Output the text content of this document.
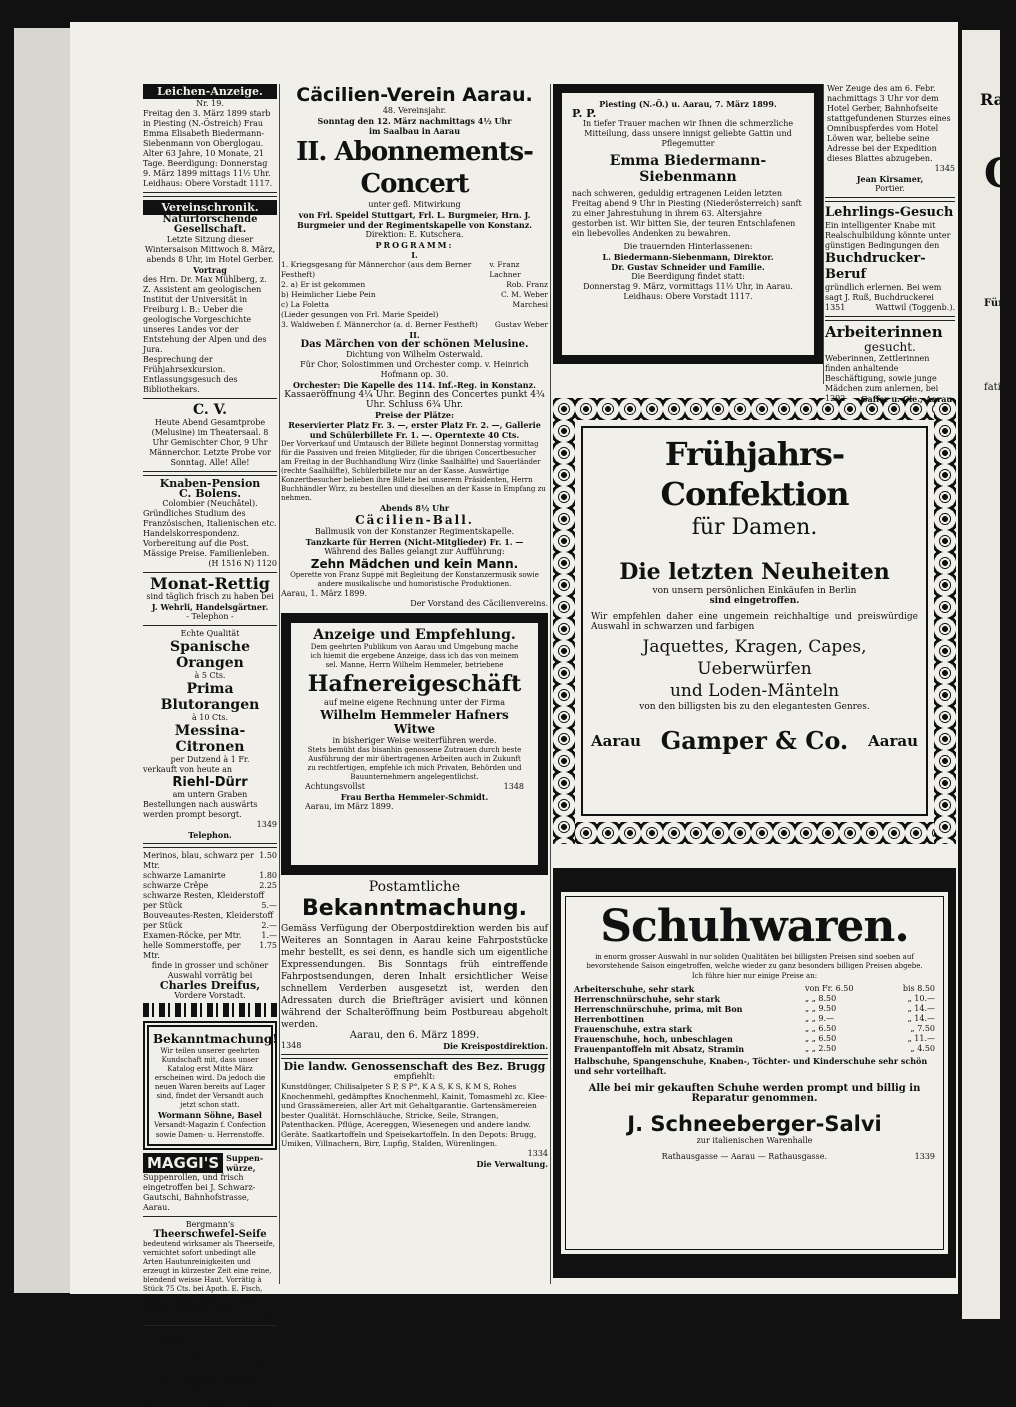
Leichen-Anzeige.
Nr. 19.
Freitag den 3. März 1899 starb in Piesting (N.-Östreich) Frau Emma Elisabeth Biedermann-Siebenmann von Oberglogau. Alter 63 Jahre, 10 Monate, 21 Tage. Beerdigung: Donnerstag 9. März 1899 mittags 11½ Uhr. Leidhaus: Obere Vorstadt 1117.
Vereinschronik.
Naturforschende Gesellschaft.
Letzte Sitzung dieser Wintersaison Mittwoch 8. März, abends 8 Uhr, im Hotel Gerber.
Vortrag
des Hrn. Dr. Max Mühlberg, z. Z. Assistent am geologischen Institut der Universität in Freiburg i. B.: Ueber die geologische Vorgeschichte unseres Landes vor der Entstehung der Alpen und des Jura.
Besprechung der Frühjahrsexkursion. Entlassungsgesuch des Bibliothekars.
C. V.
Heute Abend Gesamtprobe (Melusine) im Theatersaal. 8 Uhr Gemischter Chor, 9 Uhr Männerchor. Letzte Probe vor Sonntag. Alle! Alle!
Knaben-Pension
C. Bolens.
Colombier (Neuchâtel).
Gründliches Studium des Französischen, Italienischen etc. Handelskorrespondenz. Vorbereitung auf die Post. Mässige Preise. Familienleben.
(H 1516 N) 1120
Monat-Rettig
sind täglich frisch zu haben bei
J. Wehrli, Handelsgärtner.
- Telephon -
Echte Qualität
Spanische Orangen
à 5 Cts.
Prima Blutorangen
à 10 Cts.
Messina-Citronen
per Dutzend à 1 Fr.
verkauft von heute an
Riehl-Dürr
am untern Graben
Bestellungen nach auswärts werden prompt besorgt.
1349
Telephon.
Merinos, blau, schwarz per Mtr.
1.50
schwarze Lamanirte	1.80
schwarze Crêpe	2.25
schwarze Resten, Kleiderstoff
per Stück	5.—
Bouveautes-Resten, Kleiderstoff
per Stück	2.—
Examen-Röcke, per Mtr. 1.—
helle Sommerstoffe, per Mtr.
1.75
finde in grosser und schöner Auswahl vorrätig bei
Charles Dreifus,
Vordere Vorstadt.
Bekanntmachung!
Wir teilen unserer geehrten Kundschaft mit, dass unser Katalog erst Mitte März erscheinen wird. Da jedoch die neuen Waren bereits auf Lager sind, findet der Versandt auch jetzt schon statt.
Wormann Söhne, Basel
Versandt-Magazin f. Confection sowie Damen- u. Herrenstoffe.
MAGGI'S Suppen-würze,
Suppenrollen, und frisch eingetroffen bei J. Schwarz-Gautschi, Bahnhofstrasse, Aarau.
Bergmann's
Theerschwefel-Seife
bedeutend wirksamer als Theerseife, vernichtet sofort unbedingt alle Arten Hautunreinigkeiten und erzeugt in kürzester Zeit eine reine, blendend weisse Haut. Vorrätig à Stück 75 Cts. bei Apoth. E. Fisch, Apoth. R. Jung, Apoth. C. Fleisch, Apoth. J. Weibezahl, Aarau.
1332
Wagenschmiere
Patentachsenfett
Patentachsenöl
in vorzüglicher Qualität empfiehlt
994	C. Richner, Seiler.
Cäcilien-Verein Aarau.
48. Vereinsjahr.
Sonntag den 12. März nachmittags 4½ Uhr
im Saalbau in Aarau
II. Abonnements-Concert
unter gefl. Mitwirkung
von Frl. Speidel Stuttgart, Frl. L. Burgmeier, Hrn. J. Burgmeier und der Regimentskapelle von Konstanz.
Direktion: E. Kutschera.
PROGRAMM:
I.
1. Kriegsgesang für Männerchor (aus dem Berner Festheft)
v. Franz Lachner
2. a) Er ist gekommen	Rob. Franz
b) Heimlicher Liebe Pein	C. M. Weber
c) La Foletta	Marchesi
(Lieder gesungen von Frl. Marie Speidel)
3. Waldweben f. Männerchor (a. d. Berner Festheft) Gustav Weber
II.
Das Märchen von der schönen Melusine.
Dichtung von Wilhelm Osterwald.
Für Chor, Solostimmen und Orchester comp. v. Heinrich Hofmann op. 30.
Orchester: Die Kapelle des 114. Inf.-Reg. in Konstanz.
Kassaeröffnung 4¼ Uhr. Beginn des Concertes punkt 4¾ Uhr. Schluss 6¾ Uhr.
Preise der Plätze:
Reservierter Platz Fr. 3. —, erster Platz Fr. 2. —, Gallerie und Schülerbillete Fr. 1. —. Operntexte 40 Cts.
Der Vorverkauf und Umtausch der Billete beginnt Donnerstag vormittag für die Passiven und freien Mitglieder, für die übrigen Concertbesucher am Freitag in der Buchhandlung Wirz (linke Saalhälfte) und Sauerländer (rechte Saalhälfte), Schülerbillete nur an der Kasse. Auswärtige Konzertbesucher belieben ihre Billete bei unserem Präsidenten, Herrn Buchhändler Wirz, zu bestellen und dieselben an der Kasse in Empfang zu nehmen.
Abends 8½ Uhr
Cäcilien-Ball.
Ballmusik von der Konstanzer Regimentskapelle.
Tanzkarte für Herren (Nicht-Mitglieder) Fr. 1. —
Während des Balles gelangt zur Aufführung:
Zehn Mädchen und kein Mann.
Operette von Franz Suppé mit Begleitung der Konstanzermusik sowie andere musikalische und humoristische Produktionen.
Aarau, 1. März 1899.
Der Vorstand des Cäcilienvereins.
Anzeige und Empfehlung.
Dem geehrten Publikum von Aarau und Umgebung mache ich hiemit die ergebene Anzeige, dass ich das von meinem sel. Manne, Herrn Wilhelm Hemmeler, betriebene
Hafnereigeschäft
auf meine eigene Rechnung unter der Firma
Wilhelm Hemmeler Hafners Witwe
in bisheriger Weise weiterführen werde.
Stets bemüht das bisanhin genossene Zutrauen durch beste Ausführung der mir übertragenen Arbeiten auch in Zukunft zu rechtfertigen, empfehle ich mich Privaten, Behörden und Bauunternehmern angelegentlichst.
Achtungsvollst	1348
Frau Bertha Hemmeler-Schmidt.
Aarau, im März 1899.
Postamtliche
Bekanntmachung.
Gemäss Verfügung der Oberpostdirektion werden bis auf Weiteres an Sonntagen in Aarau keine Fahrpoststücke mehr bestellt, es sei denn, es handle sich um eigentliche Expressendungen. Bis Sonntags früh eintreffende Fahrpostsendungen, deren Inhalt ersichtlicher Weise schnellem Verderben ausgesetzt ist, werden den Adressaten durch die Briefträger avisiert und können während der Schalteröffnung beim Postbureau abgeholt werden.
Aarau, den 6. März 1899.
1348	Die Kreispostdirektion.
Die landw. Genossenschaft des Bez. Brugg
empfiehlt:
Kunstdünger, Chilisalpeter S P, S P°, K A S, K S, K M S, Rohes Knochenmehl, gedämpftes Knochenmehl, Kainit, Tomasmehl zc. Klee- und Grassämereien, aller Art mit Gehaltgarantie. Gartensämereien bester Qualität. Hornschläuche, Stricke, Seile, Strangen, Patenthacken. Pflüge, Acereggen, Wiesenegen und andere landw. Geräte. Saatkartoffeln und Speisekartoffeln. In den Depots: Brugg, Umiken, Villnachern, Birr, Lupfig, Stalden, Würenlingen.
1334
Die Verwaltung.
Piesting (N.-Ö.) u. Aarau, 7. März 1899.
P. P.
In tiefer Trauer machen wir Ihnen die schmerzliche Mitteilung, dass unsere innigst geliebte Gattin und Pflegemutter
Emma Biedermann-Siebenmann
nach schweren, geduldig ertragenen Leiden letzten Freitag abend 9 Uhr in Piesting (Niederösterreich) sanft zu einer Jahrestuhung in ihrem 63. Altersjahre gestorben ist. Wir bitten Sie, der teuren Entschlafenen ein liebevolles Andenken zu bewahren.
Die trauernden Hinterlassenen:
L. Biedermann-Siebenmann, Direktor.
Dr. Gustav Schneider und Familie.
Die Beerdigung findet statt:
Donnerstag 9. März, vormittags 11½ Uhr, in Aarau.
Leidhaus: Obere Vorstadt 1117.
Frühjahrs-Confektion
für Damen.
Die letzten Neuheiten
von unsern persönlichen Einkäufen in Berlin
sind eingetroffen.
Wir empfehlen daher eine ungemein reichhaltige und preiswürdige Auswahl in schwarzen und farbigen
Jaquettes, Kragen, Capes, Ueberwürfen
und Loden-Mänteln
von den billigsten bis zu den elegantesten Genres.
Aarau Gamper & Co. Aarau
Schuhwaren.
in enorm grosser Auswahl in nur soliden Qualitäten bei billigsten Preisen sind soeben auf bevorstehende Saison eingetroffen, welche wieder zu ganz besonders billigen Preisen abgebe.
Ich führe hier nur einige Preise an:
Arbeiterschuhe, sehr stark	von Fr. 6.50	bis 8.50
Herrenschnürschuhe, sehr stark	„ „ 8.50	„ 10.—
Herrenschnürschuhe, prima, mit Bon	„ „ 9.50	„ 14.—
Herrenbottinen	„ „ 9.—	„ 14.—
Frauenschuhe, extra stark	„ „ 6.50	„ 7.50
Frauenschuhe, hoch, unbeschlagen	„ „ 6.50	„ 11.—
Frauenpantoffeln mit Absatz, Stramin	„ „ 2.50	„ 4.50
Halbschuhe, Spangenschuhe, Knaben-, Töchter- und Kinderschuhe sehr schön und sehr vorteilhaft.
Alle bei mir gekauften Schuhe werden prompt und billig in Reparatur genommen.
J. Schneeberger-Salvi
zur italienischen Warenhalle
Rathausgasse — Aarau — Rathausgasse.	1339
Wer Zeuge des am 6. Febr. nachmittags 3 Uhr vor dem Hotel Gerber, Bahnhofseite stattgefundenen Sturzes eines Omnibuspferdes vom Hotel Löwen war, beliebe seine Adresse bei der Expedition dieses Blattes abzugeben.
1345
Jean Kirsamer,
Portier.
Lehrlings-Gesuch
Ein intelligenter Knabe mit Realschulbildung könnte unter günstigen Bedingungen den
Buchdrucker-Beruf
gründlich erlernen. Bei wem sagt J. Ruß, Buchdruckerei
1351	Wattwil (Toggenb.).
Arbeiterinnen
gesucht.
Weberinnen, Zettlerinnen finden anhaltende Beschäftigung, sowie junge Mädchen zum anlernen, bei
1292 Gaffer u. Cie., Aarau.
Ra
C
Für
fatio
